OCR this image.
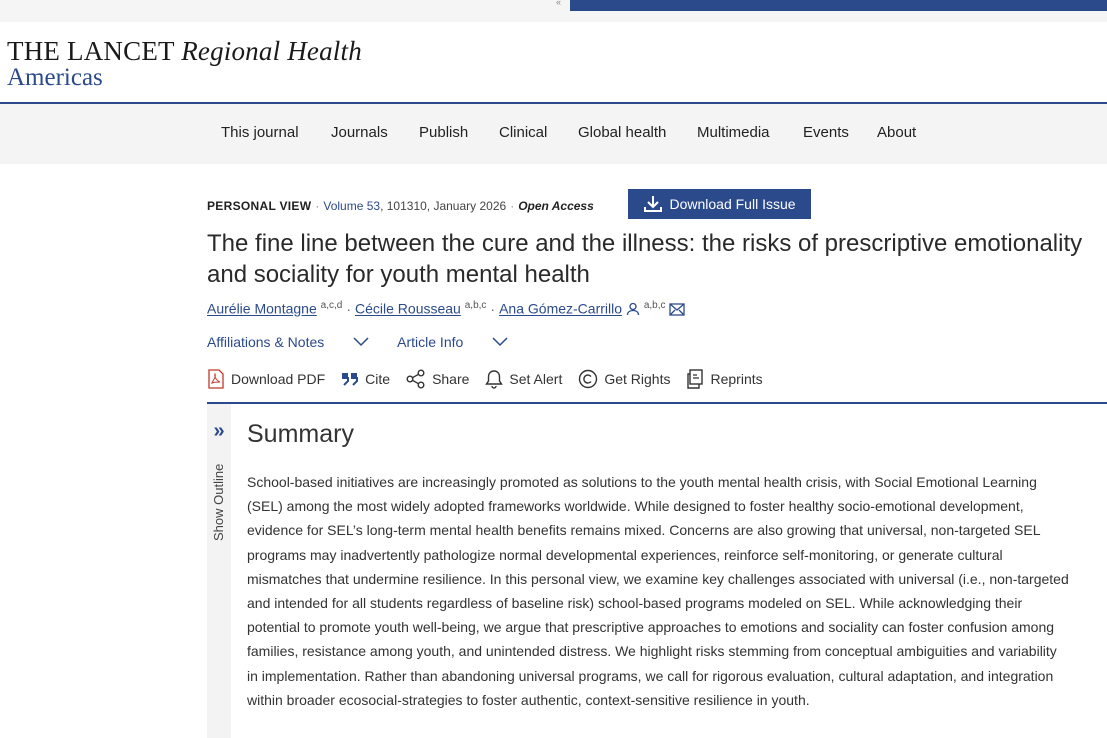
«
THE LANCET Regional Health
Americas
This journal Journals Publish Clinical Global health Multimedia Events About
PERSONAL VIEW · Volume 53, 101310, January 2026 · Open Access	Download Full Issue
The fine line between the cure and the illness: the risks of prescriptive emotionality and sociality for youth mental health
Aurélie Montagne $^{a,c,d}$ · Cécile Rousseau $^{a,b,c}$ · Ana Gómez-Carrillo $^{a,b,c}$
Affiliations & Notes
	Article Info
Download PDF	Cite	Share	Set Alert	Get Rights	Reprints
»
Show Outline
Summary
School-based initiatives are increasingly promoted as solutions to the youth mental health crisis, with Social Emotional Learning
(SEL) among the most widely adopted frameworks worldwide. While designed to foster healthy socio-emotional development,
evidence for SEL’s long-term mental health benefits remains mixed. Concerns are also growing that universal, non-targeted SEL
programs may inadvertently pathologize normal developmental experiences, reinforce self-monitoring, or generate cultural
mismatches that undermine resilience. In this personal view, we examine key challenges associated with universal (i.e., non-targeted
and intended for all students regardless of baseline risk) school-based programs modeled on SEL. While acknowledging their
potential to promote youth well-being, we argue that prescriptive approaches to emotions and sociality can foster confusion among
families, resistance among youth, and unintended distress. We highlight risks stemming from conceptual ambiguities and variability
in implementation. Rather than abandoning universal programs, we call for rigorous evaluation, cultural adaptation, and integration
within broader ecosocial-strategies to foster authentic, context-sensitive resilience in youth.
